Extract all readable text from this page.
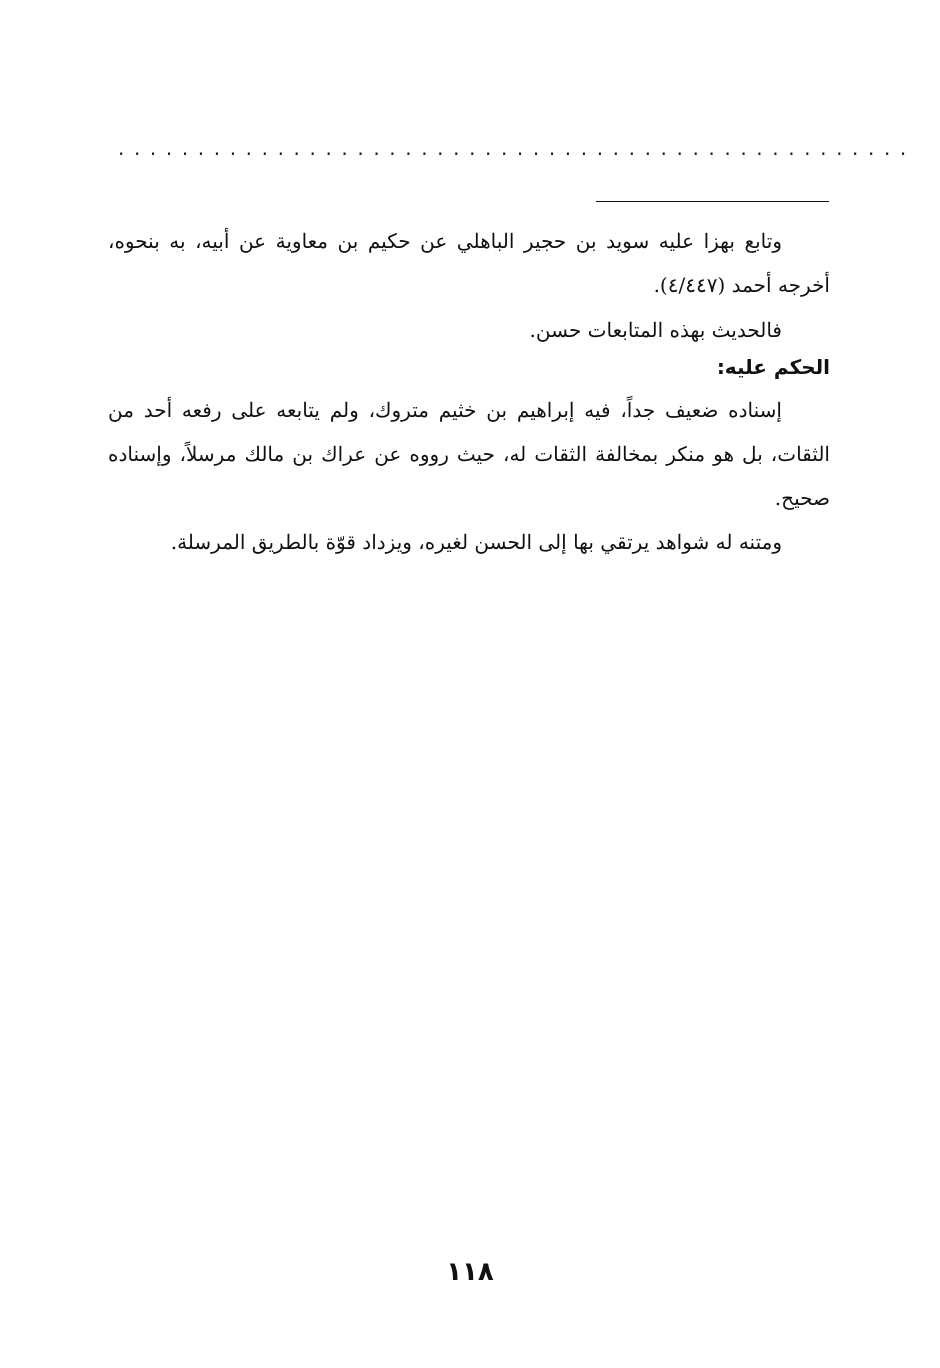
..................................................
وتابع بهزا عليه سويد بن حجير الباهلي عن حكيم بن معاوية عن أبيه، به بنحوه، أخرجه أحمد (٤/٤٤٧).
فالحديث بهذه المتابعات حسن.
الحكم عليه:
إسناده ضعيف جداً، فيه إبراهيم بن خثيم متروك، ولم يتابعه على رفعه أحد من الثقات، بل هو منكر بمخالفة الثقات له، حيث رووه عن عراك بن مالك مرسلاً، وإسناده صحيح.
ومتنه له شواهد يرتقي بها إلى الحسن لغيره، ويزداد قوّة بالطريق المرسلة.
١١٨
